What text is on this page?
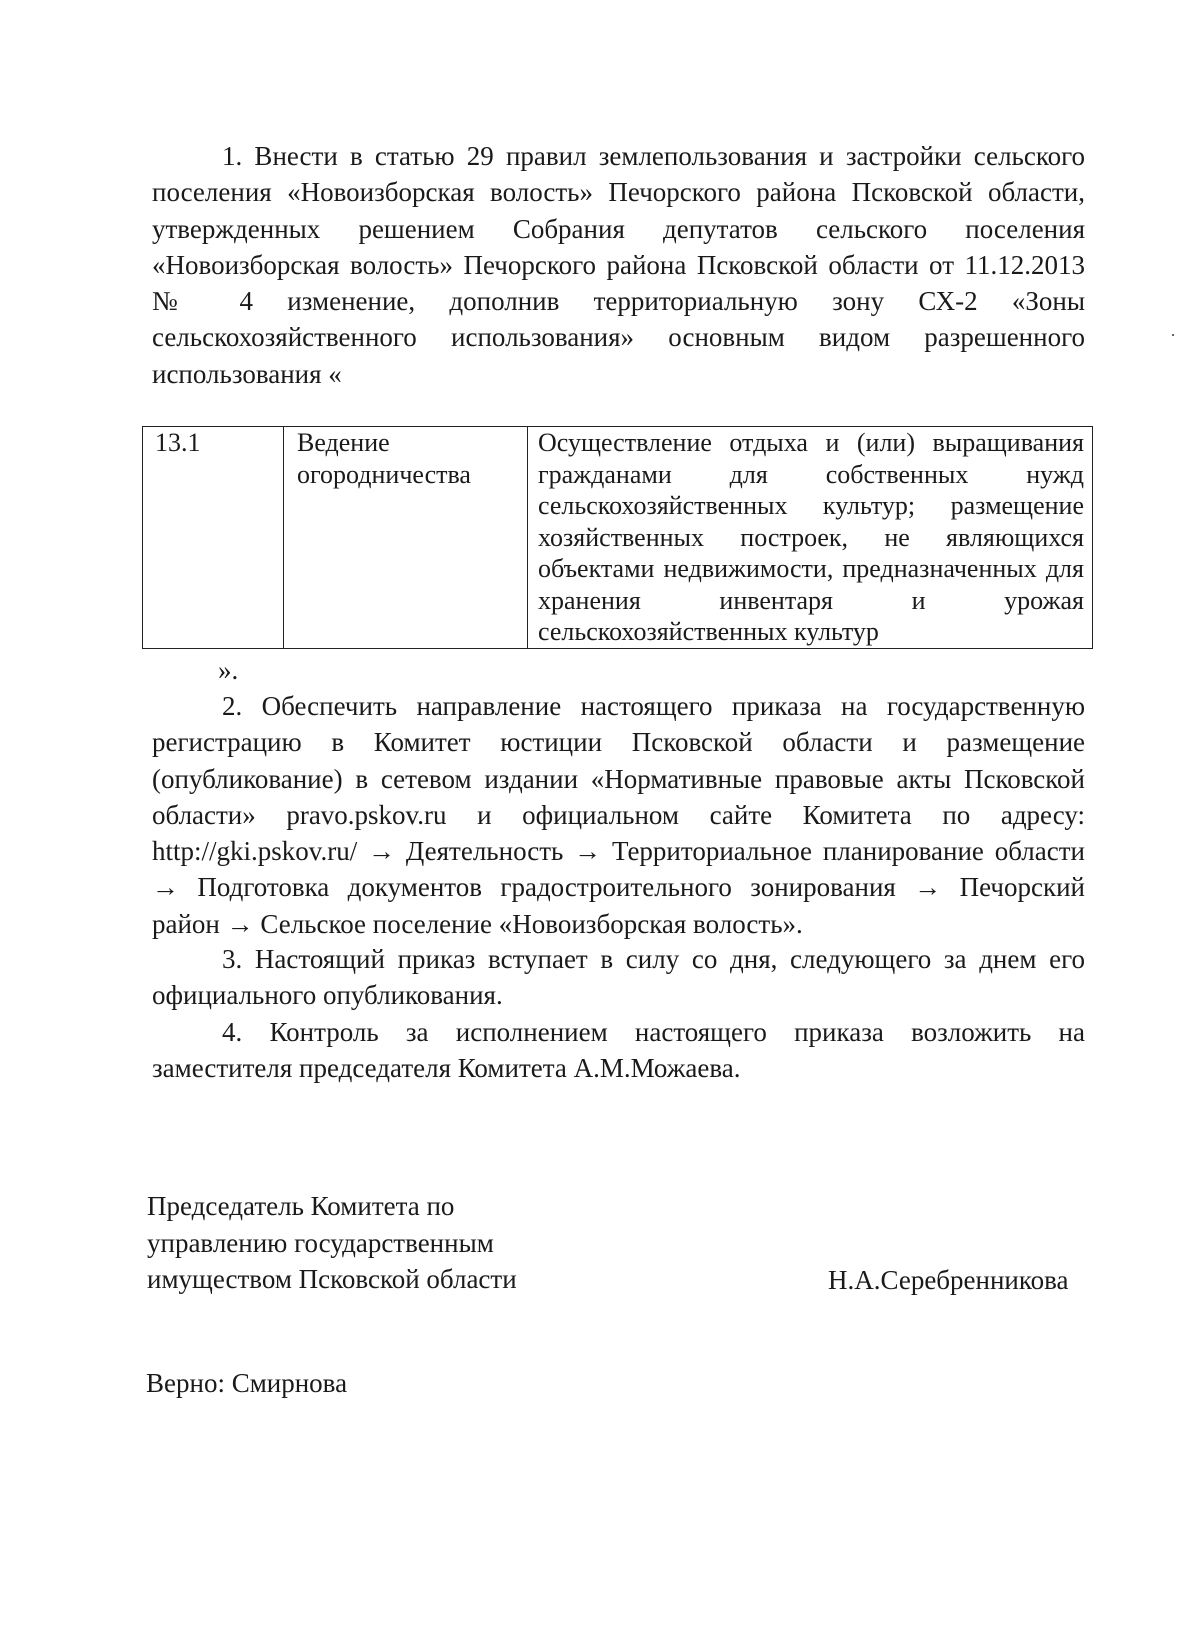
1. Внести в статью 29 правил землепользования и застройки сельского поселения «Новоизборская волость» Печорского района Псковской области, утвержденных решением Собрания депутатов сельского поселения «Новоизборская волость» Печорского района Псковской области от 11.12.2013 № 4 изменение, дополнив территориальную зону СХ-2 «Зоны сельскохозяйственного использования» основным видом разрешенного использования «

13.1	Ведение огородничества	Осуществление отдыха и (или) выращивания гражданами для собственных нужд сельскохозяйственных культур; размещение хозяйственных построек, не являющихся объектами недвижимости, предназначенных для хранения инвентаря и урожая сельскохозяйственных культур
».

2. Обеспечить направление настоящего приказа на государственную регистрацию в Комитет юстиции Псковской области и размещение (опубликование) в сетевом издании «Нормативные правовые акты Псковской области» pravo.pskov.ru и официальном сайте Комитета по адресу: http://gki.pskov.ru/ → Деятельность → Территориальное планирование области → Подготовка документов градостроительного зонирования → Печорский район → Сельское поселение «Новоизборская волость».

3. Настоящий приказ вступает в силу со дня, следующего за днем его официального опубликования.

4. Контроль за исполнением настоящего приказа возложить на заместителя председателя Комитета А.М.Можаева.

Председатель Комитета по
управлению государственным
имуществом Псковской области	Н.А.Серебренникова
Верно: Смирнова
